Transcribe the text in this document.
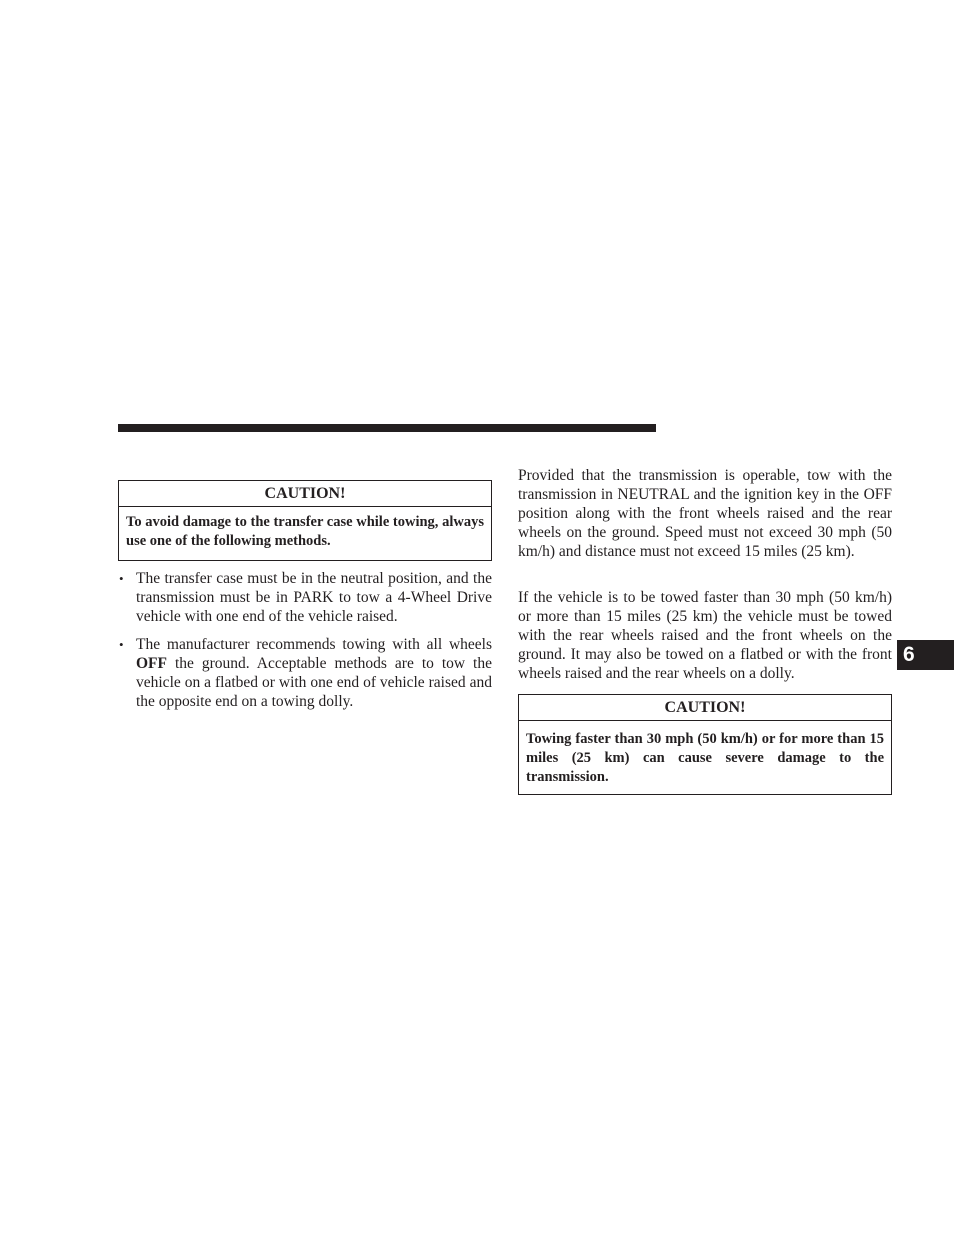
CAUTION!
To avoid damage to the transfer case while towing, always use one of the following methods.
• The transfer case must be in the neutral position, and the transmission must be in PARK to tow a 4-Wheel Drive vehicle with one end of the vehicle raised.
• The manufacturer recommends towing with all wheels OFF the ground. Acceptable methods are to tow the vehicle on a flatbed or with one end of vehicle raised and the opposite end on a towing dolly.

Provided that the transmission is operable, tow with the transmission in NEUTRAL and the ignition key in the OFF position along with the front wheels raised and the rear wheels on the ground. Speed must not exceed 30 mph (50 km/h) and distance must not exceed 15 miles (25 km).

If the vehicle is to be towed faster than 30 mph (50 km/h) or more than 15 miles (25 km) the vehicle must be towed with the rear wheels raised and the front wheels on the ground. It may also be towed on a flatbed or with the front wheels raised and the rear wheels on a dolly.

CAUTION!
Towing faster than 30 mph (50 km/h) or for more than 15 miles (25 km) can cause severe damage to the transmission.
6
